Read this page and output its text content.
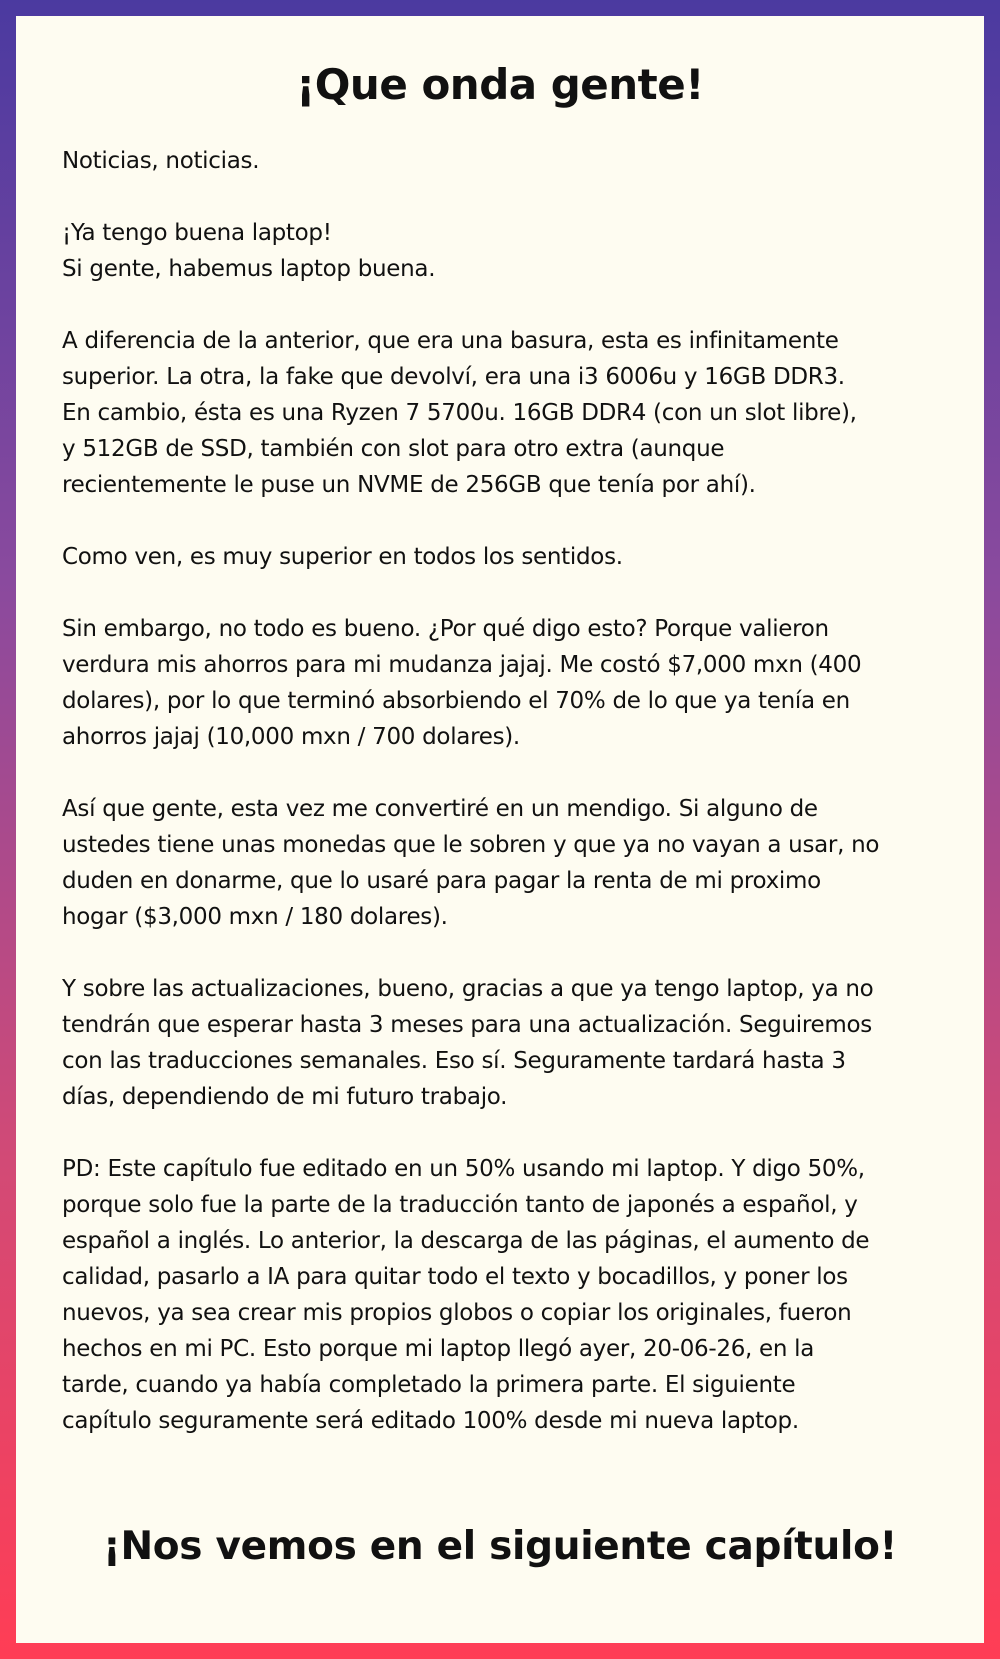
¡Que onda gente!

Noticias, noticias.

¡Ya tengo buena laptop!
Si gente, habemus laptop buena.

A diferencia de la anterior, que era una basura, esta es infinitamente
superior. La otra, la fake que devolví, era una i3 6006u y 16GB DDR3.
En cambio, ésta es una Ryzen 7 5700u. 16GB DDR4 (con un slot libre),
y 512GB de SSD, también con slot para otro extra (aunque
recientemente le puse un NVME de 256GB que tenía por ahí).

Como ven, es muy superior en todos los sentidos.

Sin embargo, no todo es bueno. ¿Por qué digo esto? Porque valieron
verdura mis ahorros para mi mudanza jajaj. Me costó $7,000 mxn (400
dolares), por lo que terminó absorbiendo el 70% de lo que ya tenía en
ahorros jajaj (10,000 mxn / 700 dolares).

Así que gente, esta vez me convertiré en un mendigo. Si alguno de
ustedes tiene unas monedas que le sobren y que ya no vayan a usar, no
duden en donarme, que lo usaré para pagar la renta de mi proximo
hogar ($3,000 mxn / 180 dolares).

Y sobre las actualizaciones, bueno, gracias a que ya tengo laptop, ya no
tendrán que esperar hasta 3 meses para una actualización. Seguiremos
con las traducciones semanales. Eso sí. Seguramente tardará hasta 3
días, dependiendo de mi futuro trabajo.

PD: Este capítulo fue editado en un 50% usando mi laptop. Y digo 50%,
porque solo fue la parte de la traducción tanto de japonés a español, y
español a inglés. Lo anterior, la descarga de las páginas, el aumento de
calidad, pasarlo a IA para quitar todo el texto y bocadillos, y poner los
nuevos, ya sea crear mis propios globos o copiar los originales, fueron
hechos en mi PC. Esto porque mi laptop llegó ayer, 20-06-26, en la
tarde, cuando ya había completado la primera parte. El siguiente
capítulo seguramente será editado 100% desde mi nueva laptop.

¡Nos vemos en el siguiente capítulo!
